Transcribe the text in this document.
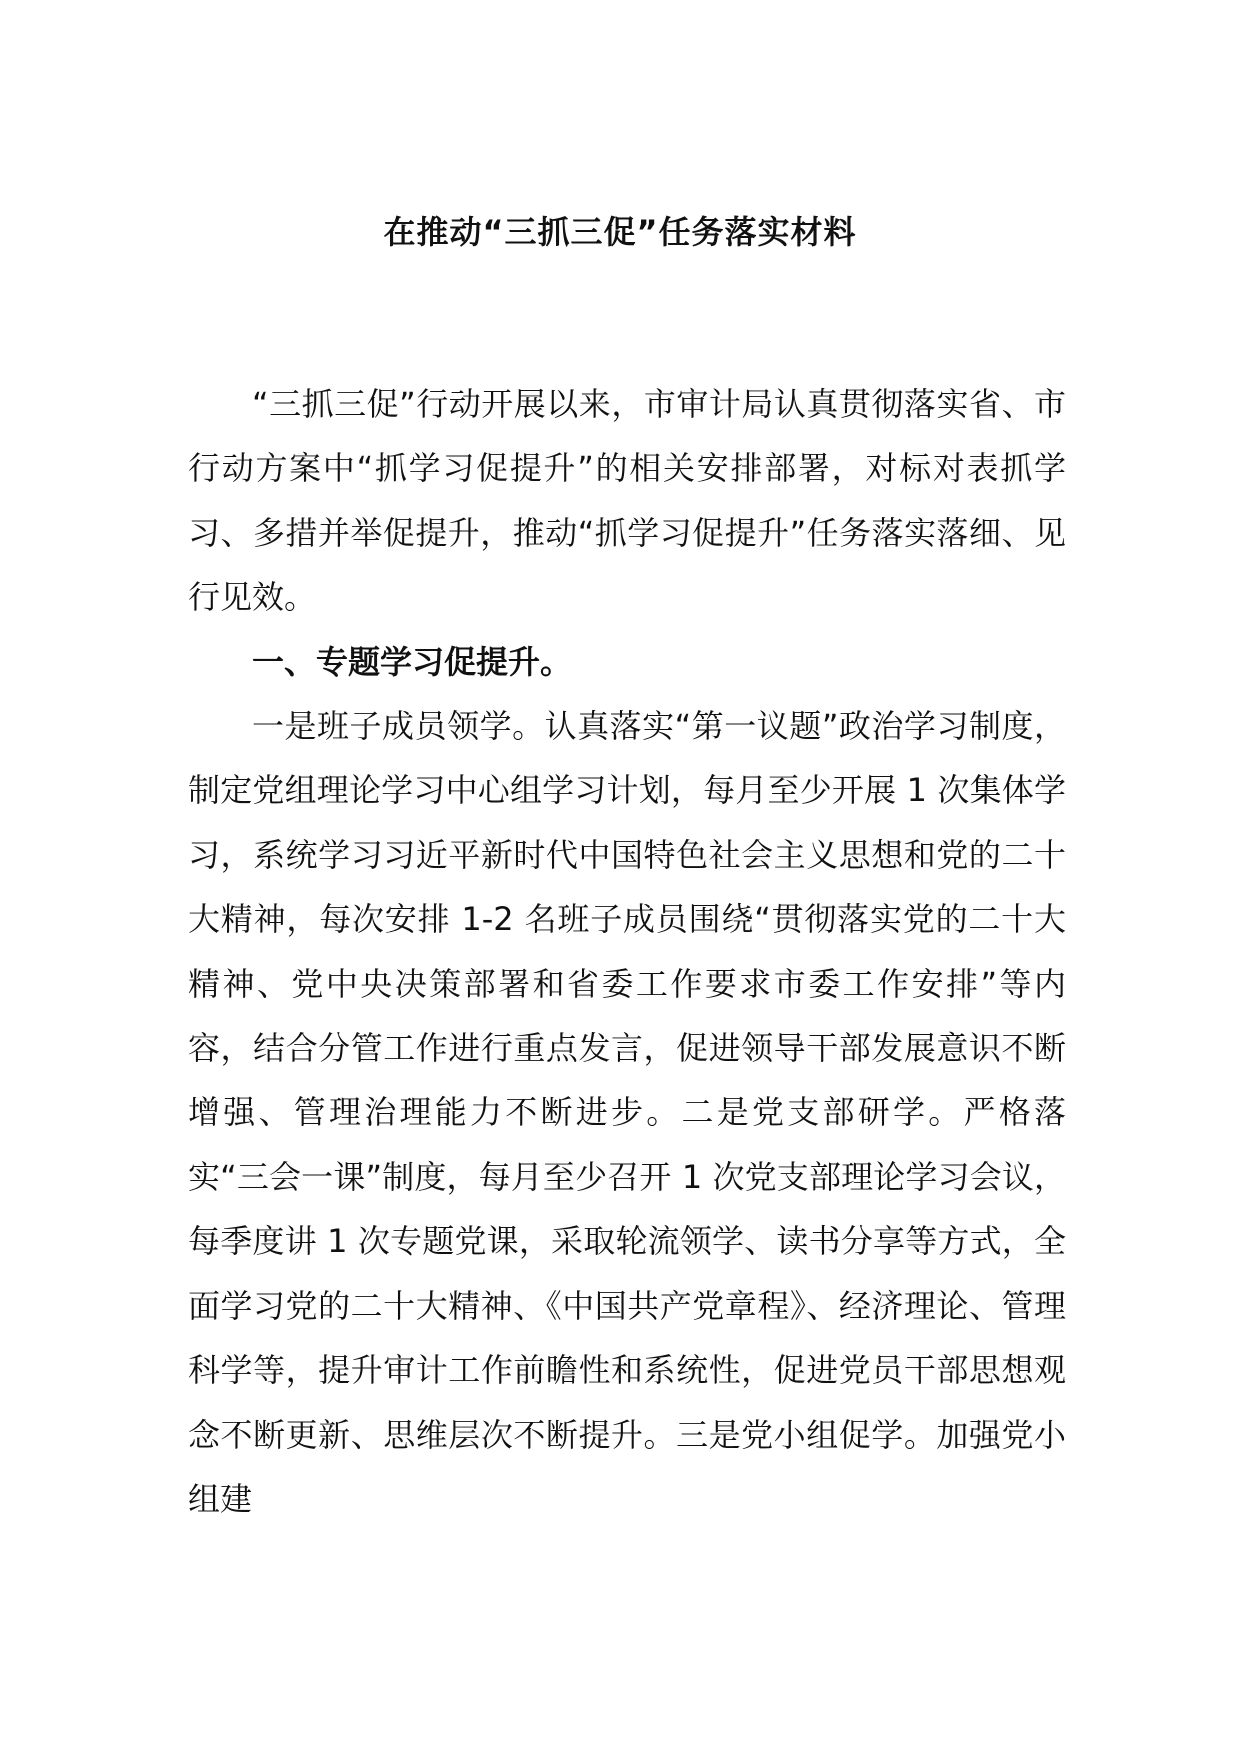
在推动“三抓三促”任务落实材料

“三抓三促”行动开展以来，市审计局认真贯彻落实省、市行动方案中“抓学习促提升”的相关安排部署，对标对表抓学习、多措并举促提升，推动“抓学习促提升”任务落实落细、见行见效。

一、专题学习促提升。

一是班子成员领学。认真落实“第一议题”政治学习制度，制定党组理论学习中心组学习计划，每月至少开展 1 次集体学习，系统学习习近平新时代中国特色社会主义思想和党的二十大精神，每次安排 1-2 名班子成员围绕“贯彻落实党的二十大精神、党中央决策部署和省委工作要求市委工作安排”等内容，结合分管工作进行重点发言，促进领导干部发展意识不断增强、管理治理能力不断进步。二是党支部研学。严格落实“三会一课”制度，每月至少召开 1 次党支部理论学习会议，每季度讲 1 次专题党课，采取轮流领学、读书分享等方式，全面学习党的二十大精神、《中国共产党章程》、经济理论、管理科学等，提升审计工作前瞻性和系统性，促进党员干部思想观念不断更新、思维层次不断提升。三是党小组促学。加强党小组建
